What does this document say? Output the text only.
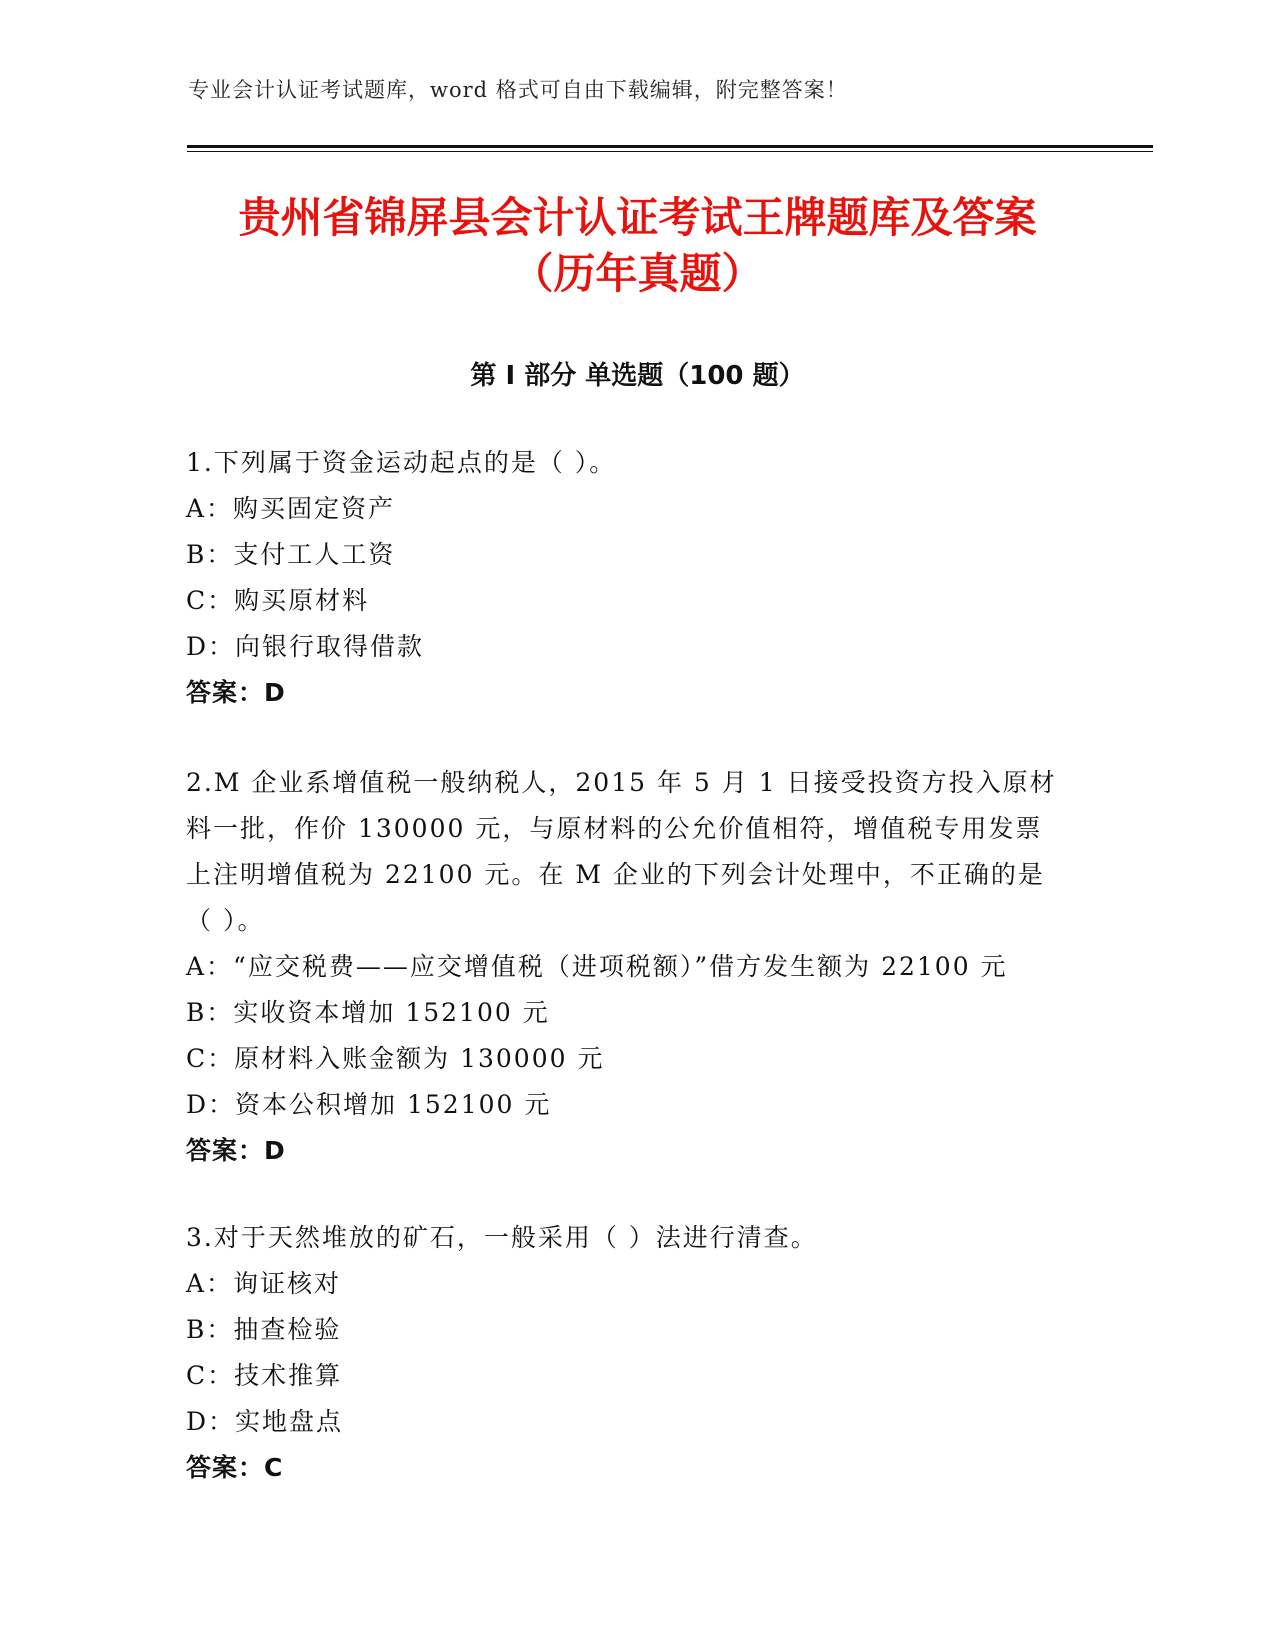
专业会计认证考试题库，word 格式可自由下载编辑，附完整答案！
贵州省锦屏县会计认证考试王牌题库及答案
（历年真题）
第 I 部分 单选题（100 题）
1.下列属于资金运动起点的是（ ）。
A：购买固定资产
B：支付工人工资
C：购买原材料
D：向银行取得借款
答案：D
2.M 企业系增值税一般纳税人，2015 年 5 月 1 日接受投资方投入原材
料一批，作价 130000 元，与原材料的公允价值相符，增值税专用发票
上注明增值税为 22100 元。在 M 企业的下列会计处理中，不正确的是
（ ）。
A：“应交税费——应交增值税（进项税额）”借方发生额为 22100 元
B：实收资本增加 152100 元
C：原材料入账金额为 130000 元
D：资本公积增加 152100 元
答案：D
3.对于天然堆放的矿石，一般采用（ ）法进行清查。
A：询证核对
B：抽查检验
C：技术推算
D：实地盘点
答案：C
